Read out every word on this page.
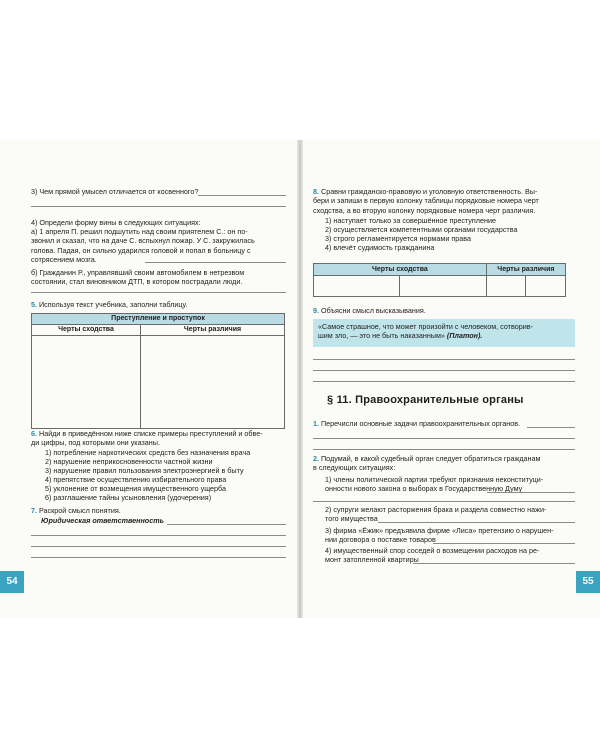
3) Чем прямой умысел отличается от косвенного?
4) Определи форму вины в следующих ситуациях:
а) 1 апреля П. решил подшутить над своим приятелем С.: он по-
звонил и сказал, что на даче С. вспыхнул пожар. У С. закружилась
голова. Падая, он сильно ударился головой и попал в больницу с
сотрясением мозга.
б) Гражданин Р., управлявший своим автомобилем в нетрезвом
состоянии, стал виновником ДТП, в котором пострадали люди.
5. Используя текст учебника, заполни таблицу.
Преступление и проступок	
Черты сходства	Черты различия

6. Найди в приведённом ниже списке примеры преступлений и обве-
ди цифры, под которыми они указаны.
1) потребление наркотических средств без назначения врача
2) нарушение неприкосновенности частной жизни
3) нарушение правил пользования электроэнергией в быту
4) препятствие осуществлению избирательного права
5) уклонение от возмещения имущественного ущерба
6) разглашение тайны усыновления (удочерения)
7. Раскрой смысл понятия.
Юридическая ответственность
54
8. Сравни гражданско-правовую и уголовную ответственность. Вы-
бери и запиши в первую колонку таблицы порядковые номера черт
сходства, а во вторую колонку порядковые номера черт различия.
1) наступает только за совершённое преступление
2) осуществляется компетентными органами государства
3) строго регламентируется нормами права
4) влечёт судимость гражданина
Черты сходства		Черты различия	

9. Объясни смысл высказывания.
«Самое страшное, что может произойти с человеком, сотворив-
шим зло, — это не быть наказанным» (Платон).
§ 11. Правоохранительные органы
1. Перечисли основные задачи правоохранительных органов.
2. Подумай, в какой судебный орган следует обратиться гражданам
в следующих ситуациях:
1) члены политической партии требуют признания неконституци-
онности нового закона о выборах в Государственную Думу
2) супруги желают расторжения брака и раздела совместно нажи-
того имущества
3) фирма «Ёжик» предъявила фирме «Лиса» претензию о нарушен-
нии договора о поставке товаров
4) имущественный спор соседей о возмещении расходов на ре-
монт затопленной квартиры
55
